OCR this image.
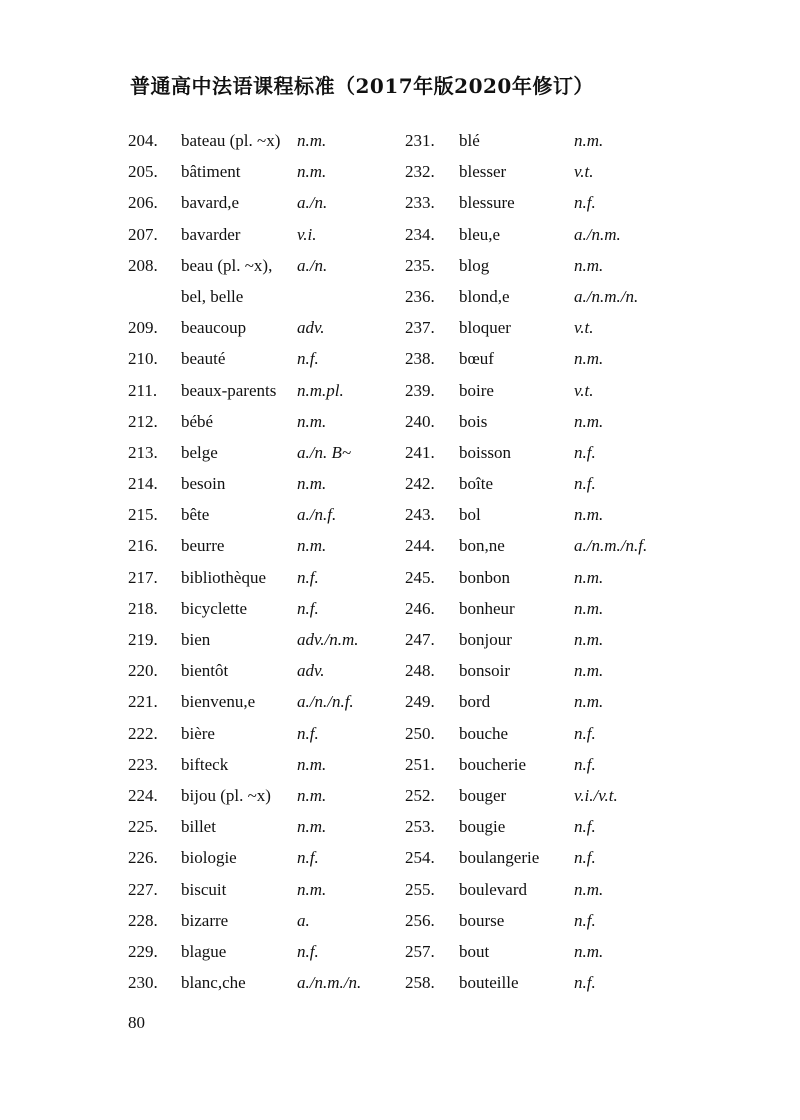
普通高中法语课程标准（2017年版2020年修订）
204. bateau (pl. ~x) n.m.
205. bâtiment	n.m.
206. bavard,e	a./n.
207. bavarder	v.i.
208. beau (pl. ~x), a./n.
bel, belle
209. beaucoup	adv.
210. beauté	n.f.
211. beaux-parents n.m.pl.
212. bébé	n.m.
213. belge	a./n. B~
214. besoin	n.m.
215. bête	a./n.f.
216. beurre	n.m.
217. bibliothèque n.f.
218. bicyclette	n.f.
219. bien	adv./n.m.
220. bientôt	adv.
221. bienvenu,e a./n./n.f.
222. bière	n.f.
223. bifteck	n.m.
224. bijou (pl. ~x) n.m.
225. billet	n.m.
226. biologie	n.f.
227. biscuit	n.m.
228. bizarre	a.
229. blague	n.f.
230. blanc,che	a./n.m./n.
231. blé	n.m.
232. blesser	v.t.
233. blessure	n.f.
234. bleu,e	a./n.m.
235. blog	n.m.
236. blond,e	a./n.m./n.
237. bloquer	v.t.
238. bœuf	n.m.
239. boire	v.t.
240. bois	n.m.
241. boisson	n.f.
242. boîte	n.f.
243. bol	n.m.
244. bon,ne	a./n.m./n.f.
245. bonbon	n.m.
246. bonheur	n.m.
247. bonjour	n.m.
248. bonsoir	n.m.
249. bord	n.m.
250. bouche	n.f.
251. boucherie	n.f.
252. bouger	v.i./v.t.
253. bougie	n.f.
254. boulangerie n.f.
255. boulevard	n.m.
256. bourse	n.f.
257. bout	n.m.
258. bouteille	n.f.
80
